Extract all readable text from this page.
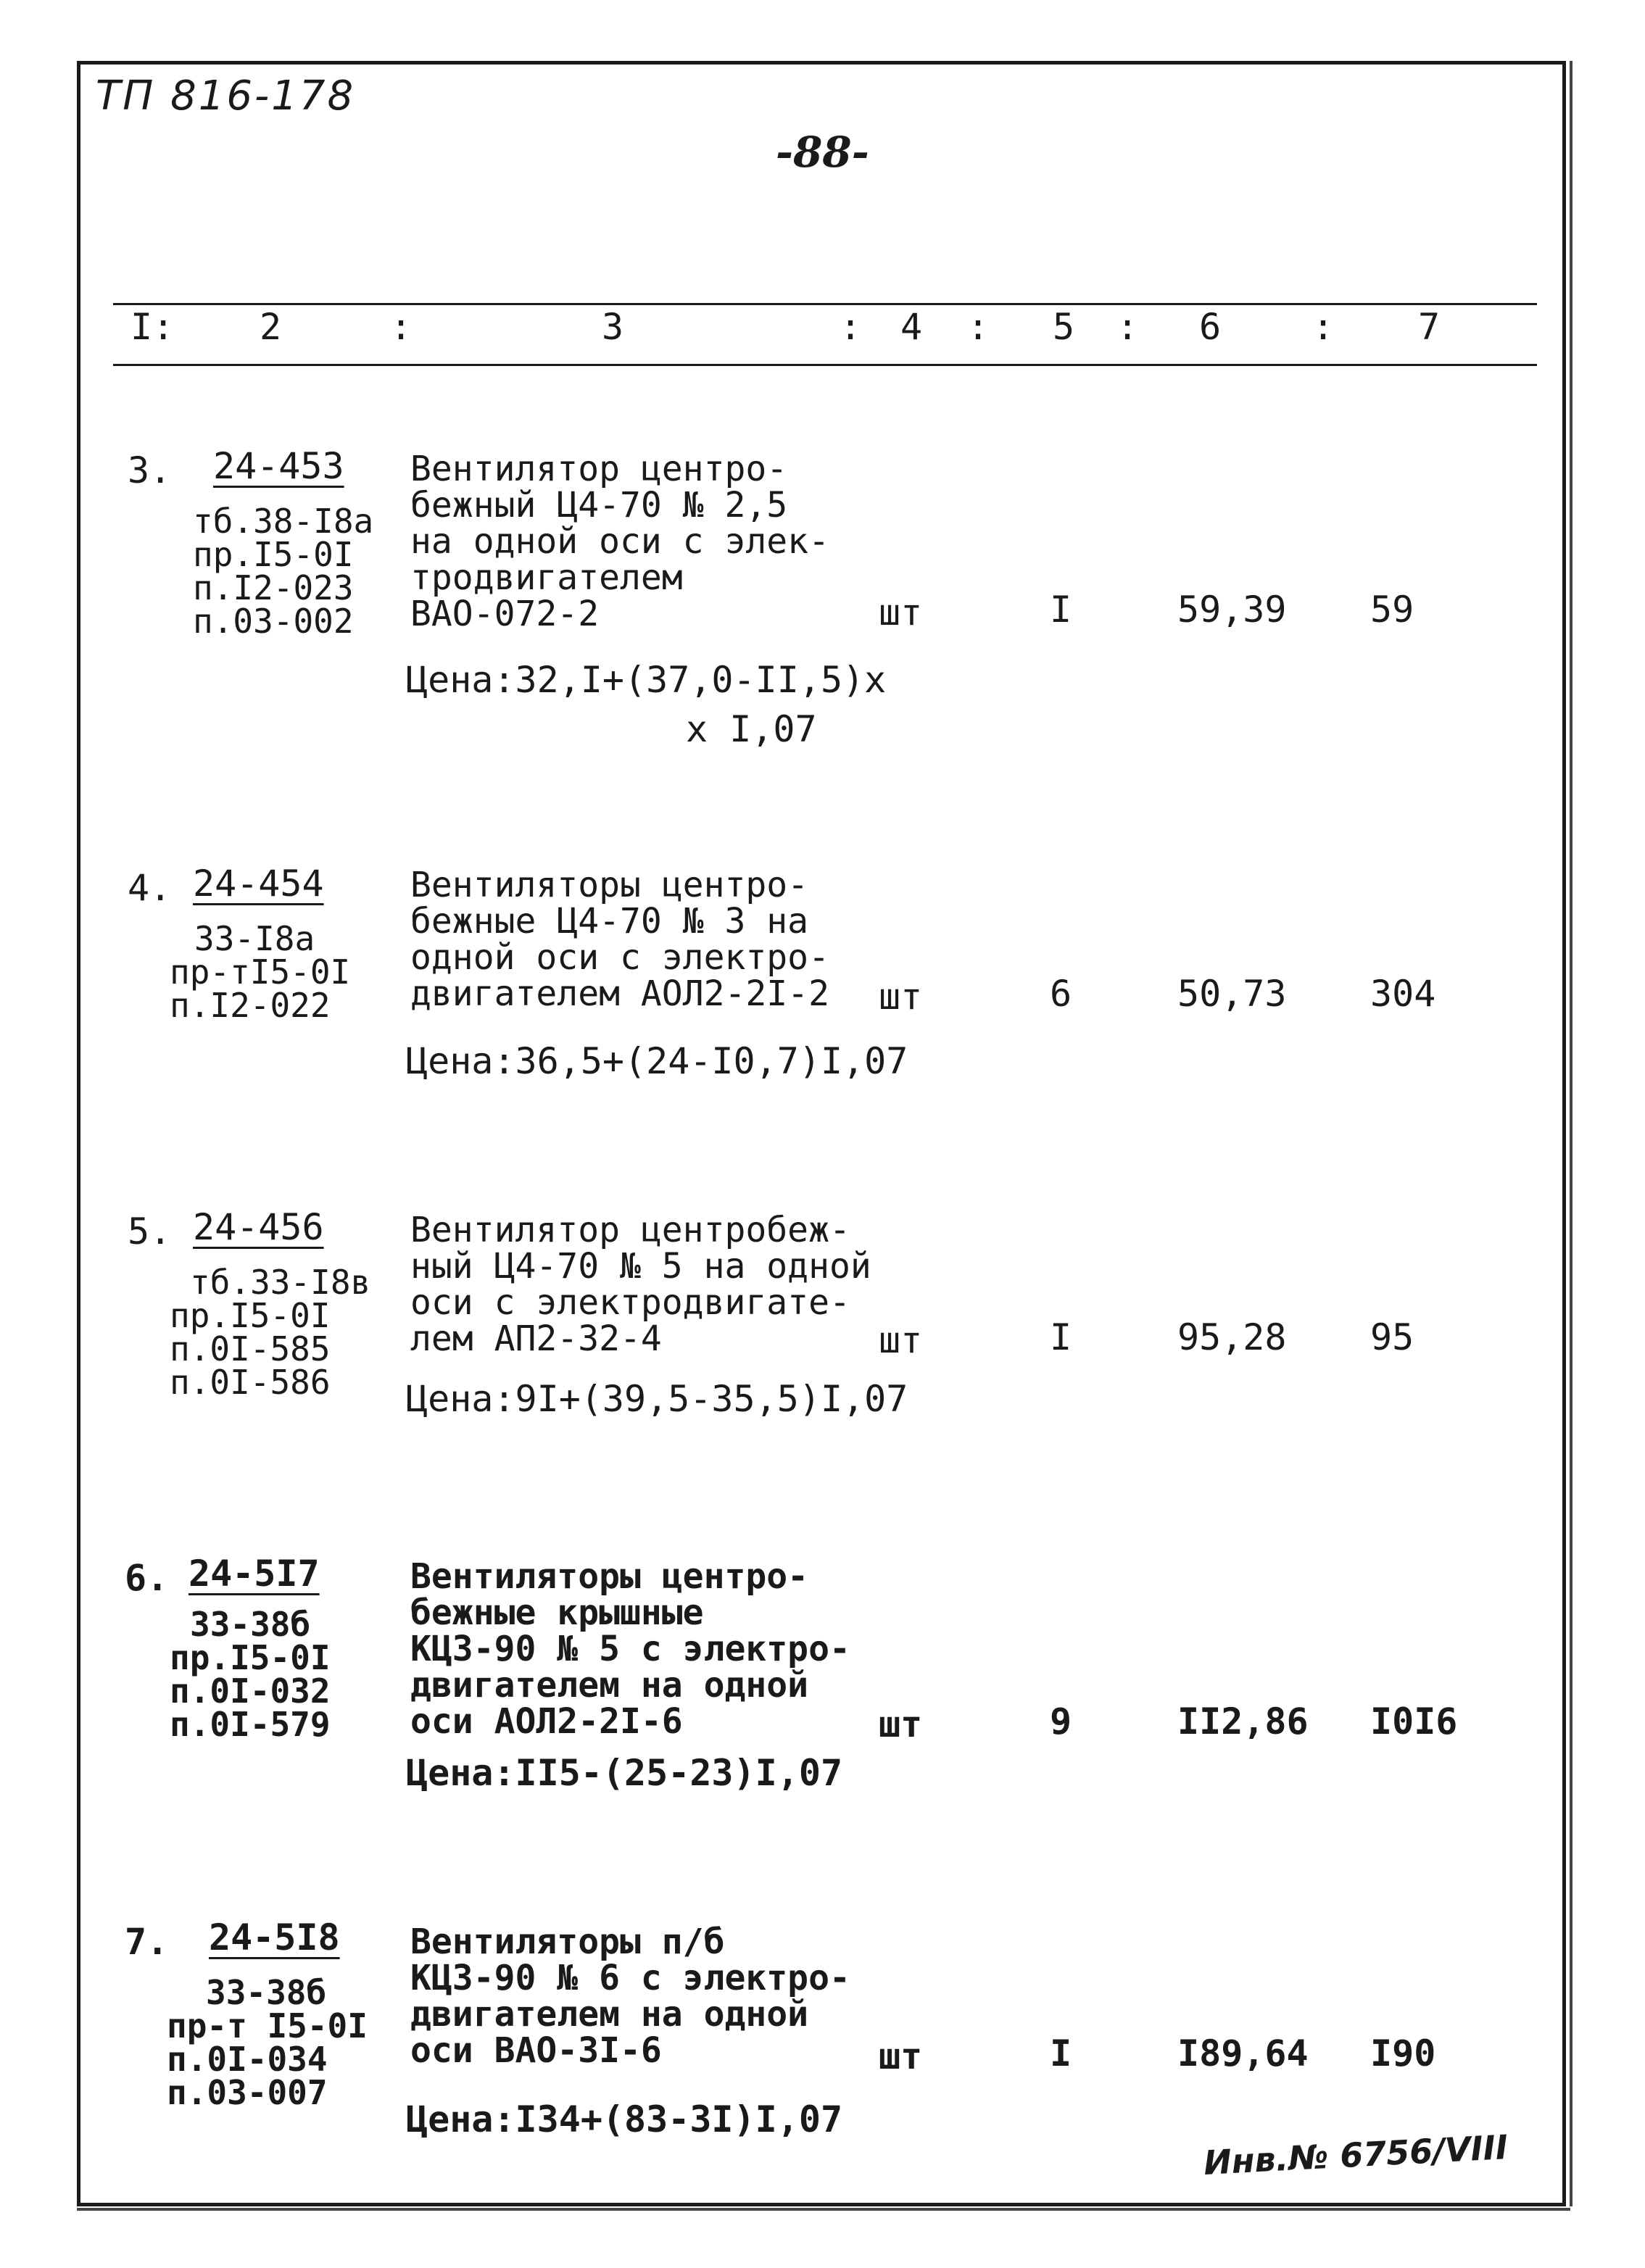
ТП 816-178
-88-
I: 2	:	3	: 4 : 5 : 6	: 7
3. 24-453
тб.38-I8а
пр.I5-0I
п.I2-023
п.03-002
Вентилятор центро-
бежный Ц4-70 № 2,5
на одной оси с элек-
тродвигателем
ВАО-072-2	шт	I	59,39 59
Цена:32,I+(37,0-II,5)х
х I,07
4. 24-454
33-I8а
пр-тI5-0I
п.I2-022
Вентиляторы центро-
бежные Ц4-70 № 3 на
одной оси с электро-
двигателем АОЛ2-2I-2 шт	6	50,73 304
Цена:36,5+(24-I0,7)I,07
5. 24-456
тб.33-I8в
пр.I5-0I
п.0I-585
п.0I-586
Вентилятор центробеж-
ный Ц4-70 № 5 на одной
оси с электродвигате-
лем АП2-32-4	шт	I	95,28 95
Цена:9I+(39,5-35,5)I,07
6. 24-5I7
33-38б
пр.I5-0I
п.0I-032
п.0I-579
Вентиляторы центро-
бежные крышные
КЦ3-90 № 5 с электро-
двигателем на одной
оси АОЛ2-2I-6	шт	9	II2,86 I0I6
Цена:II5-(25-23)I,07
7. 24-5I8
33-38б
пр-т I5-0I
п.0I-034
п.03-007
Вентиляторы п/б
КЦ3-90 № 6 с электро-
двигателем на одной
оси ВАО-3I-6	шт	I	I89,64 I90
Цена:I34+(83-3I)I,07
Инв.№ 6756/VIII
